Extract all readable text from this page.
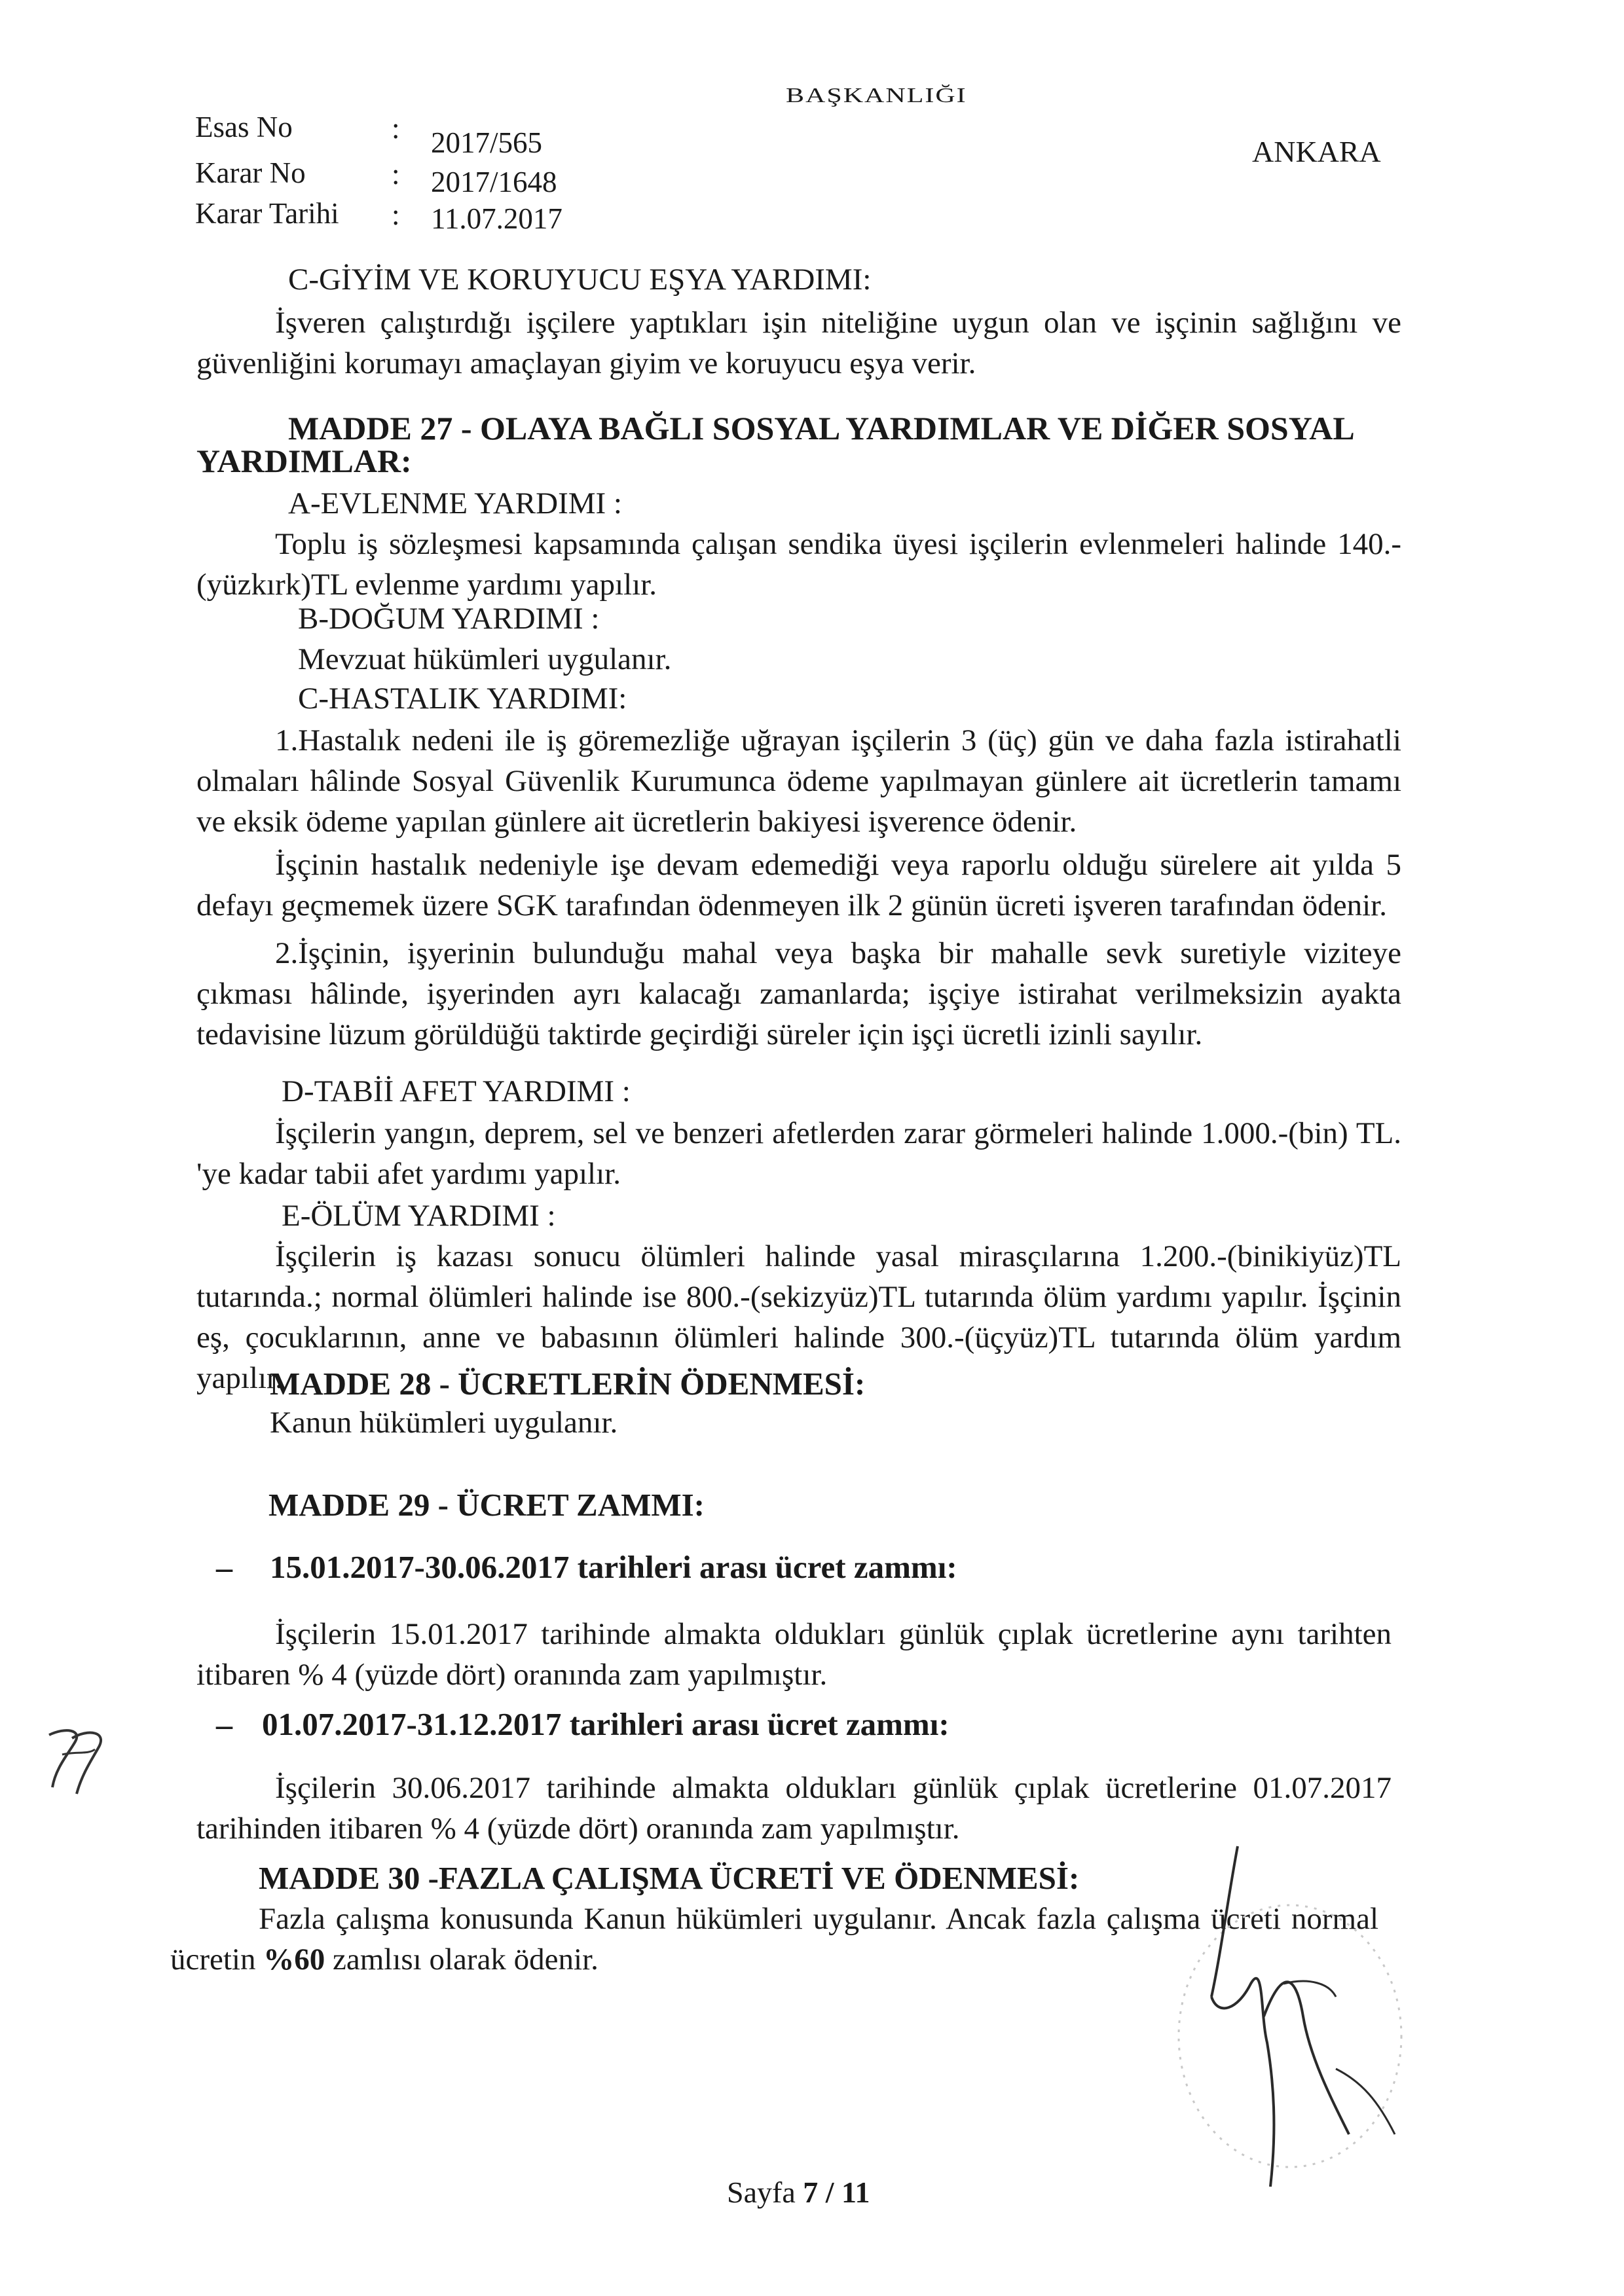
BAŞKANLIĞI
ANKARA
Esas No	: 2017/565
Karar No	: 2017/1648
Karar Tarihi : 11.07.2017
C-GİYİM VE KORUYUCU EŞYA YARDIMI:
İşveren çalıştırdığı işçilere yaptıkları işin niteliğine uygun olan ve işçinin sağlığını ve güvenliğini korumayı amaçlayan giyim ve koruyucu eşya verir.
MADDE 27 - OLAYA BAĞLI SOSYAL YARDIMLAR VE DİĞER SOSYAL
YARDIMLAR:
A-EVLENME YARDIMI :
Toplu iş sözleşmesi kapsamında çalışan sendika üyesi işçilerin evlenmeleri halinde 140.-(yüzkırk)TL evlenme yardımı yapılır.
B-DOĞUM YARDIMI :
Mevzuat hükümleri uygulanır.
C-HASTALIK YARDIMI:
1.Hastalık nedeni ile iş göremezliğe uğrayan işçilerin 3 (üç) gün ve daha fazla istirahatli olmaları hâlinde Sosyal Güvenlik Kurumunca ödeme yapılmayan günlere ait ücretlerin tamamı ve eksik ödeme yapılan günlere ait ücretlerin bakiyesi işverence ödenir.
İşçinin hastalık nedeniyle işe devam edemediği veya raporlu olduğu sürelere ait yılda 5 defayı geçmemek üzere SGK tarafından ödenmeyen ilk 2 günün ücreti işveren tarafından ödenir.
2.İşçinin, işyerinin bulunduğu mahal veya başka bir mahalle sevk suretiyle viziteye çıkması hâlinde, işyerinden ayrı kalacağı zamanlarda; işçiye istirahat verilmeksizin ayakta tedavisine lüzum görüldüğü taktirde geçirdiği süreler için işçi ücretli izinli sayılır.
D-TABİİ AFET YARDIMI :
İşçilerin yangın, deprem, sel ve benzeri afetlerden zarar görmeleri halinde 1.000.-(bin) TL. 'ye kadar tabii afet yardımı yapılır.
E-ÖLÜM YARDIMI :
İşçilerin iş kazası sonucu ölümleri halinde yasal mirasçılarına 1.200.-(binikiyüz)TL tutarında.; normal ölümleri halinde ise 800.-(sekizyüz)TL tutarında ölüm yardımı yapılır. İşçinin eş, çocuklarının, anne ve babasının ölümleri halinde 300.-(üçyüz)TL tutarında ölüm yardım yapılır.
MADDE 28 - ÜCRETLERİN ÖDENMESİ:
Kanun hükümleri uygulanır.
MADDE 29 - ÜCRET ZAMMI:
– 15.01.2017-30.06.2017 tarihleri arası ücret zammı:
İşçilerin 15.01.2017 tarihinde almakta oldukları günlük çıplak ücretlerine aynı tarihten itibaren % 4 (yüzde dört) oranında zam yapılmıştır.
– 01.07.2017-31.12.2017 tarihleri arası ücret zammı:
İşçilerin 30.06.2017 tarihinde almakta oldukları günlük çıplak ücretlerine 01.07.2017 tarihinden itibaren % 4 (yüzde dört) oranında zam yapılmıştır.
MADDE 30 -FAZLA ÇALIŞMA ÜCRETİ VE ÖDENMESİ:
Fazla çalışma konusunda Kanun hükümleri uygulanır. Ancak fazla çalışma ücreti normal ücretin %60 zamlısı olarak ödenir.
Sayfa 7 / 11
